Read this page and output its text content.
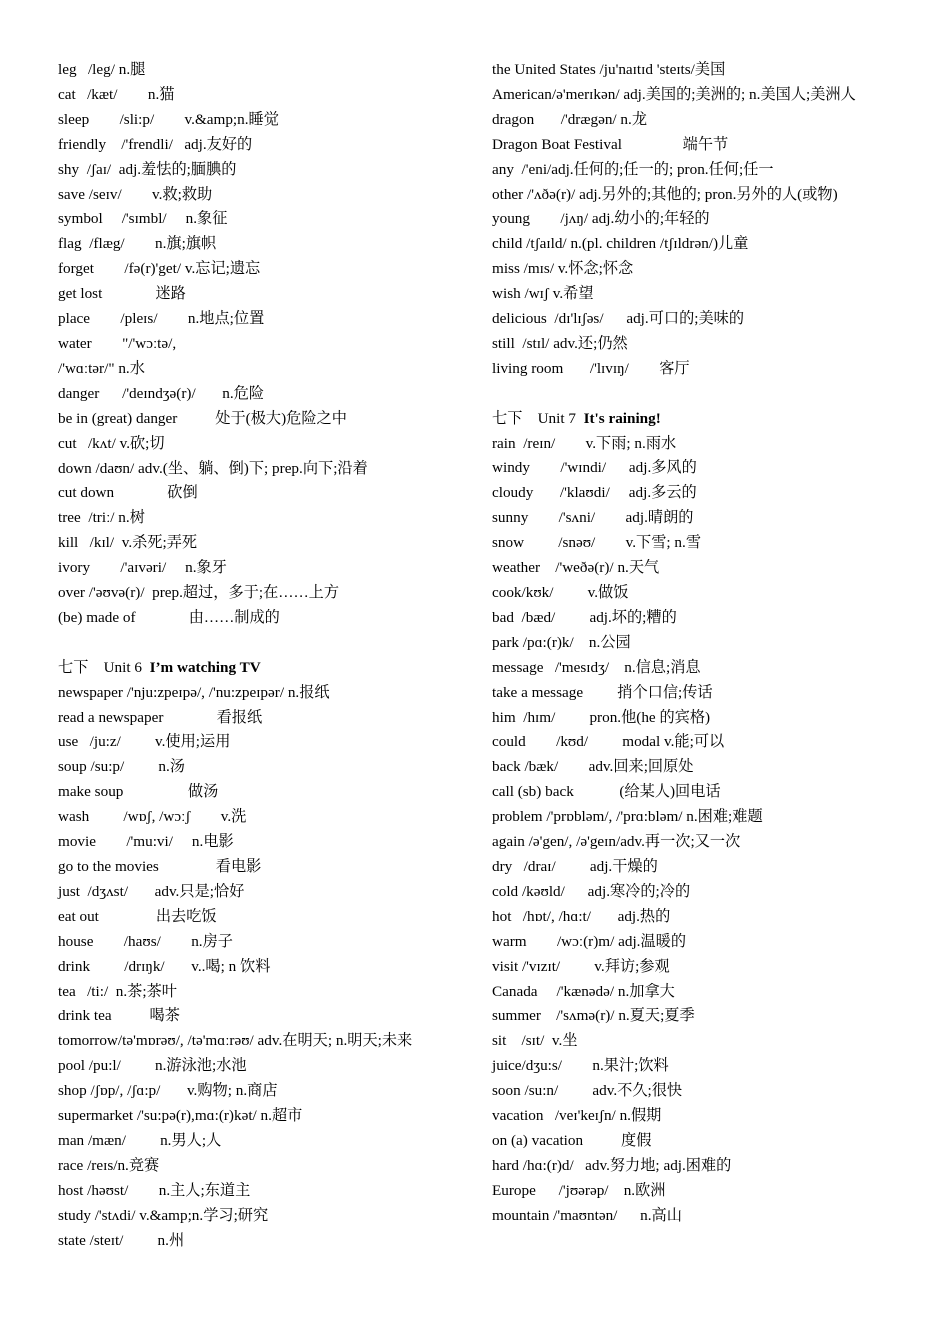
leg   /leg/ n.腿
cat   /kæt/        n.猫
sleep        /sli:p/        v.&amp;n.睡觉
friendly    /'frendli/   adj.友好的
shy  /ʃaɪ/  adj.羞怯的;腼腆的
save /seɪv/        v.救;救助
symbol     /'sɪmbl/     n.象征
flag  /flæg/        n.旗;旗帜
forget        /fə(r)'get/ v.忘记;遗忘
get lost              迷路
place        /pleɪs/        n.地点;位置
water        "/'wɔːtə/,
/'wɑːtər/" n.水
danger      /'deɪndʒə(r)/       n.危险
be in (great) danger          处于(极大)危险之中
cut   /kʌt/ v.砍;切
down /daʊn/ adv.(坐、躺、倒)下; prep.向下;沿着
cut down              砍倒
tree  /triː/ n.树
kill   /kɪl/  v.杀死;弄死
ivory        /'aɪvəri/     n.象牙
over /'əʊvə(r)/  prep.超过，多于;在……上方
(be) made of              由……制成的
七下    Unit 6  I’m watching TV
newspaper /'nju:zpeɪpə/, /'nu:zpeɪpər/ n.报纸
read a newspaper              看报纸
use   /ju:z/         v.使用;运用
soup /su:p/         n.汤
make soup                 做汤
wash         /wɒʃ, /wɔːʃ        v.洗
movie        /'mu:vi/     n.电影
go to the movies               看电影
just  /dʒʌst/       adv.只是;恰好
eat out               出去吃饭
house        /haʊs/        n.房子
drink         /drɪŋk/       v..喝; n 饮料
tea   /ti:/  n.茶;茶叶
drink tea          喝茶
tomorrow/tə'mɒrəʊ/, /tə'mɑːrəʊ/ adv.在明天; n.明天;未来
pool /pu:l/         n.游泳池;水池
shop /ʃɒp/, /ʃɑ:p/       v.购物; n.商店
supermarket /'su:pə(r),mɑ:(r)kət/ n.超市
man /mæn/         n.男人;人
race /reɪs/n.竞赛
host /həʊst/        n.主人;东道主
study /'stʌdi/ v.&amp;n.学习;研究
state /steɪt/         n.州
the United States /ju'naɪtɪd 'steɪts/美国
American/ə'merɪkən/ adj.美国的;美洲的; n.美国人;美洲人
dragon       /'drægən/ n.龙
Dragon Boat Festival                端午节
any  /'eni/adj.任何的;任一的; pron.任何;任一
other /'ʌðə(r)/ adj.另外的;其他的; pron.另外的人(或物)
young        /jʌŋ/ adj.幼小的;年轻的
child /tʃaɪld/ n.(pl. children /tʃɪldrən/)儿童
miss /mɪs/ v.怀念;怀念
wish /wɪʃ v.希望
delicious  /dɪ'lɪʃəs/      adj.可口的;美味的
still  /stɪl/ adv.还;仍然
living room       /'lɪvɪŋ/        客厅
七下    Unit 7  It's raining!
rain  /reɪn/        v.下雨; n.雨水
windy        /'wɪndi/      adj.多风的
cloudy       /'klaʊdi/     adj.多云的
sunny        /'sʌni/        adj.晴朗的
snow         /snəʊ/        v.下雪; n.雪
weather    /'weðə(r)/ n.天气
cook/kʊk/         v.做饭
bad  /bæd/         adj.坏的;糟的
park /pɑ:(r)k/    n.公园
message   /'mesɪdʒ/    n.信息;消息
take a message         捎个口信;传话
him  /hɪm/         pron.他(he 的宾格)
could        /kʊd/         modal v.能;可以
back /bæk/        adv.回来;回原处
call (sb) back            (给某人)回电话
problem /'prɒbləm/, /'prɑ:bləm/ n.困难;难题
again /ə'gen/, /ə'geɪn/adv.再一次;又一次
dry   /draɪ/         adj.干燥的
cold /kəʊld/      adj.寒冷的;冷的
hot   /hɒt/, /hɑ:t/       adj.热的
warm        /wɔː(r)m/ adj.温暖的
visit /'vɪzɪt/         v.拜访;参观
Canada     /'kænədə/ n.加拿大
summer    /'sʌmə(r)/ n.夏天;夏季
sit    /sɪt/  v.坐
juice/dʒu:s/        n.果汁;饮料
soon /su:n/         adv.不久;很快
vacation   /veɪ'keɪʃn/ n.假期
on (a) vacation          度假
hard /hɑ:(r)d/   adv.努力地; adj.困难的
Europe      /'jʊərəp/    n.欧洲
mountain /'maʊntən/      n.高山
